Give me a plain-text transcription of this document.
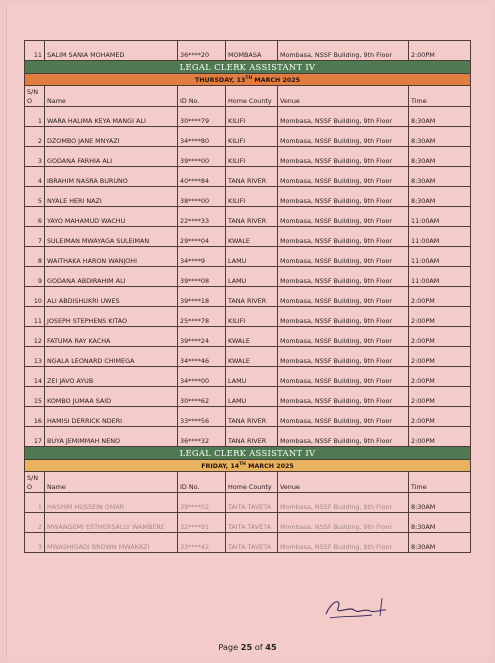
11	SALIM SANIA MOHAMED	36****20	MOMBASA	Mombasa, NSSF Building, 9th Floor	2:00PM
LEGAL CLERK ASSISTANT IV					
THURSDAY, 13TH MARCH 2025					
S/N O	Name	ID No.	Home County	Venue	Time
1	WARA HALIMA KEYA MANGI ALI	30****79	KILIFI	Mombasa, NSSF Building, 9th Floor	8:30AM
2	DZOMBO JANE MNYAZI	34****80	KILIFI	Mombasa, NSSF Building, 9th Floor	8:30AM
3	GODANA FARHIA ALI	39****00	KILIFI	Mombasa, NSSF Building, 9th Floor	8:30AM
4	IBRAHIM NASRA BURUNO	40****84	TANA RIVER	Mombasa, NSSF Building, 9th Floor	8:30AM
5	NYALE HERI NAZI	38****00	KILIFI	Mombasa, NSSF Building, 9th Floor	8:30AM
6	YAYO MAHAMUD WACHU	22****33	TANA RIVER	Mombasa, NSSF Building, 9th Floor	11:00AM
7	SULEIMAN MWAYAGA SULEIMAN	29****04	KWALE	Mombasa, NSSF Building, 9th Floor	11:00AM
8	WAITHAKA HARON WANJOHI	34****9	LAMU	Mombasa, NSSF Building, 9th Floor	11:00AM
9	GODANA ABDIRAHIM ALI	39****08	LAMU	Mombasa, NSSF Building, 9th Floor	11:00AM
10	ALI ABDISHUKRI UWES	39****18	TANA RIVER	Mombasa, NSSF Building, 9th Floor	2:00PM
11	JOSEPH STEPHENS KITAO	25****78	KILIFI	Mombasa, NSSF Building, 9th Floor	2:00PM
12	FATUMA RAY KACHA	39****24	KWALE	Mombasa, NSSF Building, 9th Floor	2:00PM
13	NGALA LEONARD CHIMEGA	34****46	KWALE	Mombasa, NSSF Building, 9th Floor	2:00PM
14	ZEI JAVO AYUB	34****00	LAMU	Mombasa, NSSF Building, 9th Floor	2:00PM
15	KOMBO JUMAA SAID	30****62	LAMU	Mombasa, NSSF Building, 9th Floor	2:00PM
16	HAMISI DERRICK NDERI	33****56	TANA RIVER	Mombasa, NSSF Building, 9th Floor	2:00PM
17	BUYA JEMIMMAH NENO	36****32	TANA RIVER	Mombasa, NSSF Building, 9th Floor	2:00PM
LEGAL CLERK ASSISTANT IV					
FRIDAY, 14TH MARCH 2025					
S/N O	Name	ID No.	Home County	Venue	Time
1	HASHIM HUSSEIN OMAR	39****02	TAITA TAVETA	Mombasa, NSSF Building, 9th Floor	8:30AM
2	MWANGEMI ESTHERSALLY WAMBERE	32****91	TAITA TAVETA	Mombasa, NSSF Building, 9th Floor	8:30AM
3	MWASHIGADI BROWN MWAKAZI	33****42	TAITA TAVETA	Mombasa, NSSF Building, 9th Floor	8:30AM
Page 25 of 45
